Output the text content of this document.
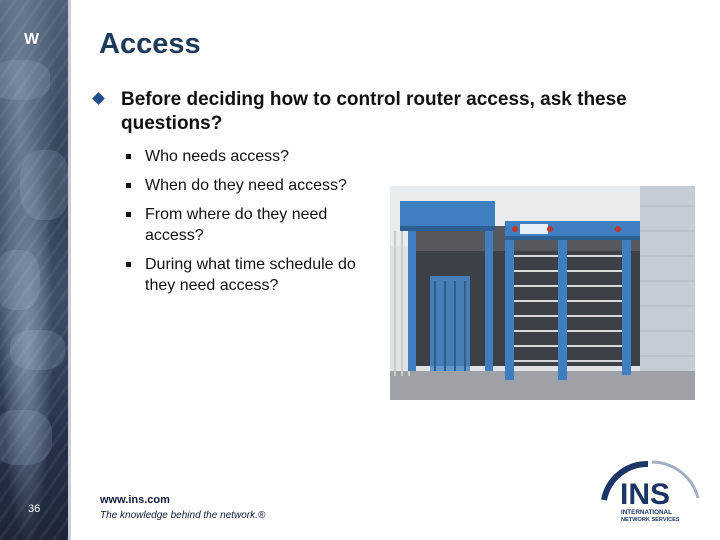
W
36
Access
Before deciding how to control router access, ask these questions?
Who needs access?
When do they need access?
From where do they need access?
During what time schedule do they need access?
www.ins.com
The knowledge behind the network.®
INS
INTERNATIONAL
NETWORK SERVICES
